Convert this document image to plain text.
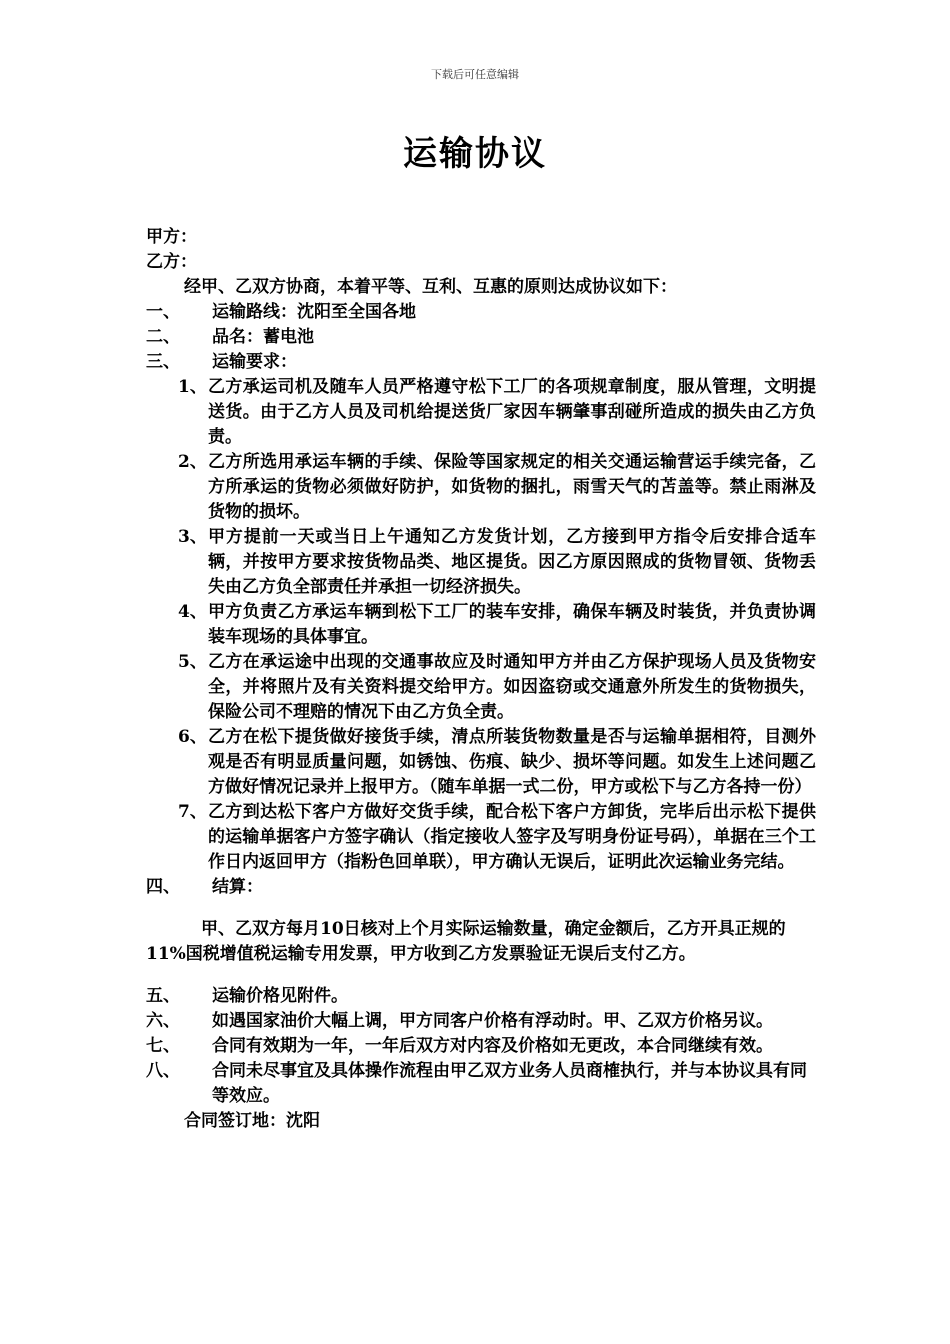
下载后可任意编辑
运输协议

甲方：

乙方：

经甲、乙双方协商，本着平等、互利、互惠的原则达成协议如下：

一、	运输路线：沈阳至全国各地
二、	品名：蓄电池
三、	运输要求：
1、 乙方承运司机及随车人员严格遵守松下工厂的各项规章制度，服从管理，文明提送货。由于乙方人员及司机给提送货厂家因车辆肇事刮碰所造成的损失由乙方负责。
2、 乙方所选用承运车辆的手续、保险等国家规定的相关交通运输营运手续完备，乙方所承运的货物必须做好防护，如货物的捆扎，雨雪天气的苫盖等。禁止雨淋及货物的损坏。
3、 甲方提前一天或当日上午通知乙方发货计划，乙方接到甲方指令后安排合适车辆，并按甲方要求按货物品类、地区提货。因乙方原因照成的货物冒领、货物丢失由乙方负全部责任并承担一切经济损失。
4、 甲方负责乙方承运车辆到松下工厂的装车安排，确保车辆及时装货，并负责协调装车现场的具体事宜。
5、 乙方在承运途中出现的交通事故应及时通知甲方并由乙方保护现场人员及货物安全，并将照片及有关资料提交给甲方。如因盗窃或交通意外所发生的货物损失，保险公司不理赔的情况下由乙方负全责。
6、 乙方在松下提货做好接货手续，清点所装货物数量是否与运输单据相符，目测外观是否有明显质量问题，如锈蚀、伤痕、缺少、损坏等问题。如发生上述问题乙方做好情况记录并上报甲方。（随车单据一式二份，甲方或松下与乙方各持一份）
7、 乙方到达松下客户方做好交货手续，配合松下客户方卸货，完毕后出示松下提供的运输单据客户方签字确认（指定接收人签字及写明身份证号码），单据在三个工作日内返回甲方（指粉色回单联），甲方确认无误后，证明此次运输业务完结。
四、	结算：

甲、乙双方每月10日核对上个月实际运输数量，确定金额后，乙方开具正规的11%国税增值税运输专用发票，甲方收到乙方发票验证无误后支付乙方。

五、	运输价格见附件。
六、	如遇国家油价大幅上调，甲方同客户价格有浮动时。甲、乙双方价格另议。
七、	合同有效期为一年，一年后双方对内容及价格如无更改，本合同继续有效。
八、	合同未尽事宜及具体操作流程由甲乙双方业务人员商榷执行，并与本协议具有同等效应。

合同签订地：沈阳
